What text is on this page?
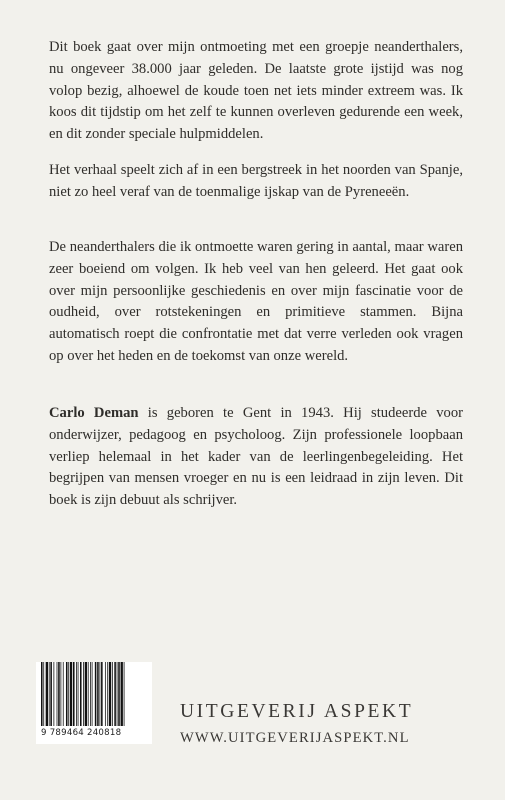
Dit boek gaat over mijn ontmoeting met een groepje neanderthalers, nu ongeveer 38.000 jaar geleden. De laatste grote ijstijd was nog volop bezig, alhoewel de koude toen net iets minder extreem was. Ik koos dit tijdstip om het zelf te kunnen overleven gedurende een week, en dit zonder speciale hulpmiddelen.

Het verhaal speelt zich af in een bergstreek in het noorden van Spanje, niet zo heel veraf van de toenmalige ijskap van de Pyreneeën.

De neanderthalers die ik ontmoette waren gering in aantal, maar waren zeer boeiend om volgen. Ik heb veel van hen geleerd. Het gaat ook over mijn persoonlijke geschiedenis en over mijn fascinatie voor de oudheid, over rotstekeningen en primitieve stammen. Bijna automatisch roept die confrontatie met dat verre verleden ook vragen op over het heden en de toekomst van onze wereld.

Carlo Deman is geboren te Gent in 1943. Hij studeerde voor onderwijzer, pedagoog en psycholoog. Zijn professionele loopbaan verliep helemaal in het kader van de leerlingenbegeleiding. Het begrijpen van mensen vroeger en nu is een leidraad in zijn leven. Dit boek is zijn debuut als schrijver.

9 789464 240818
UITGEVERIJ ASPEKT
WWW.UITGEVERIJASPEKT.NL
